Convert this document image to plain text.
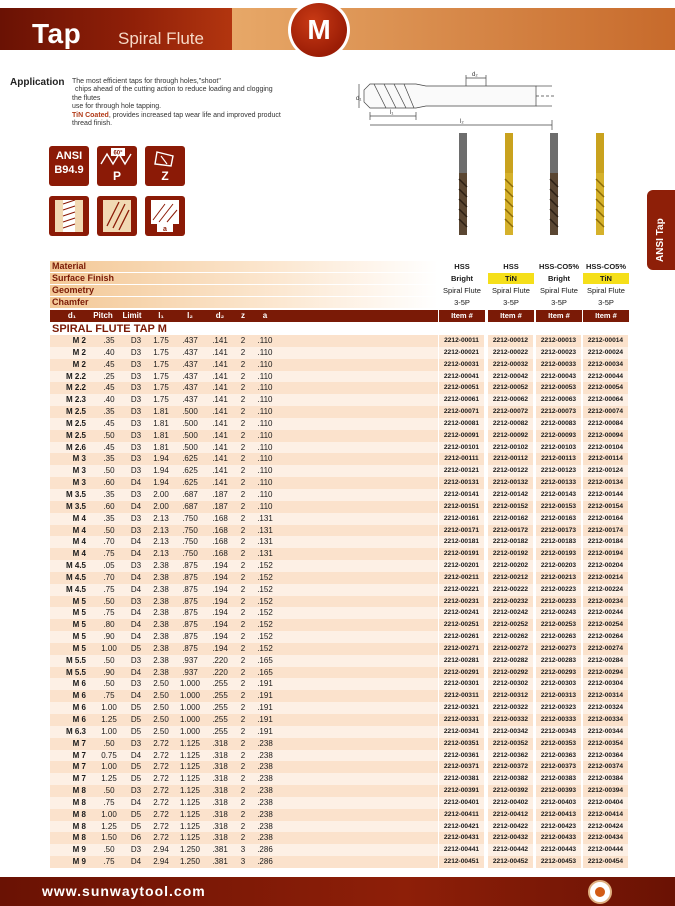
Tap Spiral Flute	M
Application The most efficient taps for through holes,"shoot"
chips ahead of the cutting action to reduce loading and clogging
the flutes
use for through hole tapping.
TiN Coated, provides increased tap wear life and improved product
thread finish.
d₂
d₁
l₁
l₂
ANSI
B94.9
60°
P	Z
a	ANSI Tap
Material	HSS	HSS	HSS-CO5% HSS-CO5%
Surface Finish	Bright	TiN	Bright	TiN
Geometry	Spiral Flute	Spiral Flute	Spiral Flute	Spiral Flute
Chamfer	3-5P	3-5P	3-5P	3-5P
d₁	Pitch	Limit	l₁	l₂	d₂	z	a	Item #	Item #	Item #	Item #
SPIRAL FLUTE TAP M
M 2	.35	D3	1.75	.437	.141	2	.110	2212-00011	2212-00012	2212-00013	2212-00014
M 2	.40	D3	1.75	.437	.141	2	.110	2212-00021	2212-00022	2212-00023	2212-00024
M 2	.45	D3	1.75	.437	.141	2	.110	2212-00031	2212-00032	2212-00033	2212-00034
M 2.2	.25	D3	1.75	.437	.141	2	.110	2212-00041	2212-00042	2212-00043	2212-00044
M 2.2	.45	D3	1.75	.437	.141	2	.110	2212-00051	2212-00052	2212-00053	2212-00054
M 2.3	.40	D3	1.75	.437	.141	2	.110	2212-00061	2212-00062	2212-00063	2212-00064
M 2.5	.35	D3	1.81	.500	.141	2	.110	2212-00071	2212-00072	2212-00073	2212-00074
M 2.5	.45	D3	1.81	.500	.141	2	.110	2212-00081	2212-00082	2212-00083	2212-00084
M 2.5	.50	D3	1.81	.500	.141	2	.110	2212-00091	2212-00092	2212-00093	2212-00094
M 2.6	.45	D3	1.81	.500	.141	2	.110	2212-00101	2212-00102	2212-00103	2212-00104
M 3	.35	D3	1.94	.625	.141	2	.110	2212-00111	2212-00112	2212-00113	2212-00114
M 3	.50	D3	1.94	.625	.141	2	.110	2212-00121	2212-00122	2212-00123	2212-00124
M 3	.60	D4	1.94	.625	.141	2	.110	2212-00131	2212-00132	2212-00133	2212-00134
M 3.5	.35	D3	2.00	.687	.187	2	.110	2212-00141	2212-00142	2212-00143	2212-00144
M 3.5	.60	D4	2.00	.687	.187	2	.110	2212-00151	2212-00152	2212-00153	2212-00154
M 4	.35	D3	2.13	.750	.168	2	.131	2212-00161	2212-00162	2212-00163	2212-00164
M 4	.50	D3	2.13	.750	.168	2	.131	2212-00171	2212-00172	2212-00173	2212-00174
M 4	.70	D4	2.13	.750	.168	2	.131	2212-00181	2212-00182	2212-00183	2212-00184
M 4	.75	D4	2.13	.750	.168	2	.131	2212-00191	2212-00192	2212-00193	2212-00194
M 4.5	.05	D3	2.38	.875	.194	2	.152	2212-00201	2212-00202	2212-00203	2212-00204
M 4.5	.70	D4	2.38	.875	.194	2	.152	2212-00211	2212-00212	2212-00213	2212-00214
M 4.5	.75	D4	2.38	.875	.194	2	.152	2212-00221	2212-00222	2212-00223	2212-00224
M 5	.50	D3	2.38	.875	.194	2	.152	2212-00231	2212-00232	2212-00233	2212-00234
M 5	.75	D4	2.38	.875	.194	2	.152	2212-00241	2212-00242	2212-00243	2212-00244
M 5	.80	D4	2.38	.875	.194	2	.152	2212-00251	2212-00252	2212-00253	2212-00254
M 5	.90	D4	2.38	.875	.194	2	.152	2212-00261	2212-00262	2212-00263	2212-00264
M 5	1.00	D5	2.38	.875	.194	2	.152	2212-00271	2212-00272	2212-00273	2212-00274
M 5.5	.50	D3	2.38	.937	.220	2	.165	2212-00281	2212-00282	2212-00283	2212-00284
M 5.5	.90	D4	2.38	.937	.220	2	.165	2212-00291	2212-00292	2212-00293	2212-00294
M 6	.50	D3	2.50	1.000	.255	2	.191	2212-00301	2212-00302	2212-00303	2212-00304
M 6	.75	D4	2.50	1.000	.255	2	.191	2212-00311	2212-00312	2212-00313	2212-00314
M 6	1.00	D5	2.50	1.000	.255	2	.191	2212-00321	2212-00322	2212-00323	2212-00324
M 6	1.25	D5	2.50	1.000	.255	2	.191	2212-00331	2212-00332	2212-00333	2212-00334
M 6.3	1.00	D5	2.50	1.000	.255	2	.191	2212-00341	2212-00342	2212-00343	2212-00344
M 7	.50	D3	2.72	1.125	.318	2	.238	2212-00351	2212-00352	2212-00353	2212-00354
M 7	0.75	D4	2.72	1.125	.318	2	.238	2212-00361	2212-00362	2212-00363	2212-00364
M 7	1.00	D5	2.72	1.125	.318	2	.238	2212-00371	2212-00372	2212-00373	2212-00374
M 7	1.25	D5	2.72	1.125	.318	2	.238	2212-00381	2212-00382	2212-00383	2212-00384
M 8	.50	D3	2.72	1.125	.318	2	.238	2212-00391	2212-00392	2212-00393	2212-00394
M 8	.75	D4	2.72	1.125	.318	2	.238	2212-00401	2212-00402	2212-00403	2212-00404
M 8	1.00	D5	2.72	1.125	.318	2	.238	2212-00411	2212-00412	2212-00413	2212-00414
M 8	1.25	D5	2.72	1.125	.318	2	.238	2212-00421	2212-00422	2212-00423	2212-00424
M 8	1.50	D6	2.72	1.125	.318	2	.238	2212-00431	2212-00432	2212-00433	2212-00434
M 9	.50	D3	2.94	1.250	.381	3	.286	2212-00441	2212-00442	2212-00443	2212-00444
M 9	.75	D4	2.94	1.250	.381	3	.286	2212-00451	2212-00452	2212-00453	2212-00454
www.sunwaytool.com
